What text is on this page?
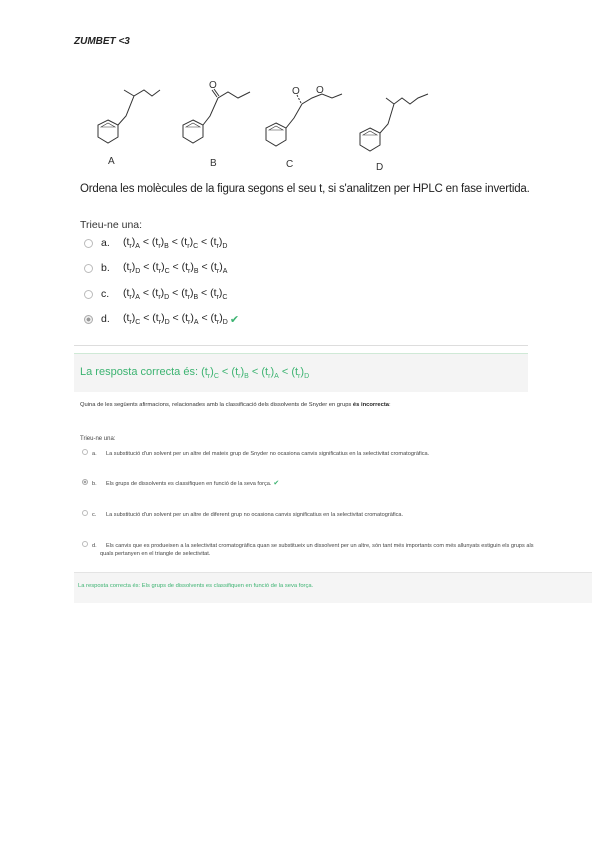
ZUMBET <3
O
O O
A	B	C	D
Ordena les molècules de la figura segons el seu t, si s'analitzen per HPLC en fase invertida.
Trieu-ne una:
a.	$(t_r)_A < (t_r)_B < (t_r)_C < (t_r)_D$
b.	$(t_r)_D < (t_r)_C < (t_r)_B < (t_r)_A$
c.	$(t_r)_A < (t_r)_D < (t_r)_B < (t_r)_C$
d.	$(t_r)_C < (t_r)_D < (t_r)_A < (t_r)_D$ ✔
La resposta correcta és: $(t_r)_C < (t_r)_B < (t_r)_A < (t_r)_D$
Quina de les següents afirmacions, relacionades amb la classificació dels dissolvents de Snyder en grups és incorrecta:
Trieu-ne una:
a. La substitució d'un solvent per un altre del mateix grup de Snyder no ocasiona canvis significatius en la selectivitat cromatogràfica.
b. Els grups de dissolvents es classifiquen en funció de la seva força. ✔
c. La substitució d'un solvent per un altre de diferent grup no ocasiona canvis significatius en la selectivitat cromatogràfica.
d. Els canvis que es produeixen a la selectivitat cromatogràfica quan se substitueix un dissolvent per un altre, són tant més importants com més allunyats estiguin els grups als
quals pertanyen en el triangle de selectivitat.
La resposta correcta és: Els grups de dissolvents es classifiquen en funció de la seva força.
